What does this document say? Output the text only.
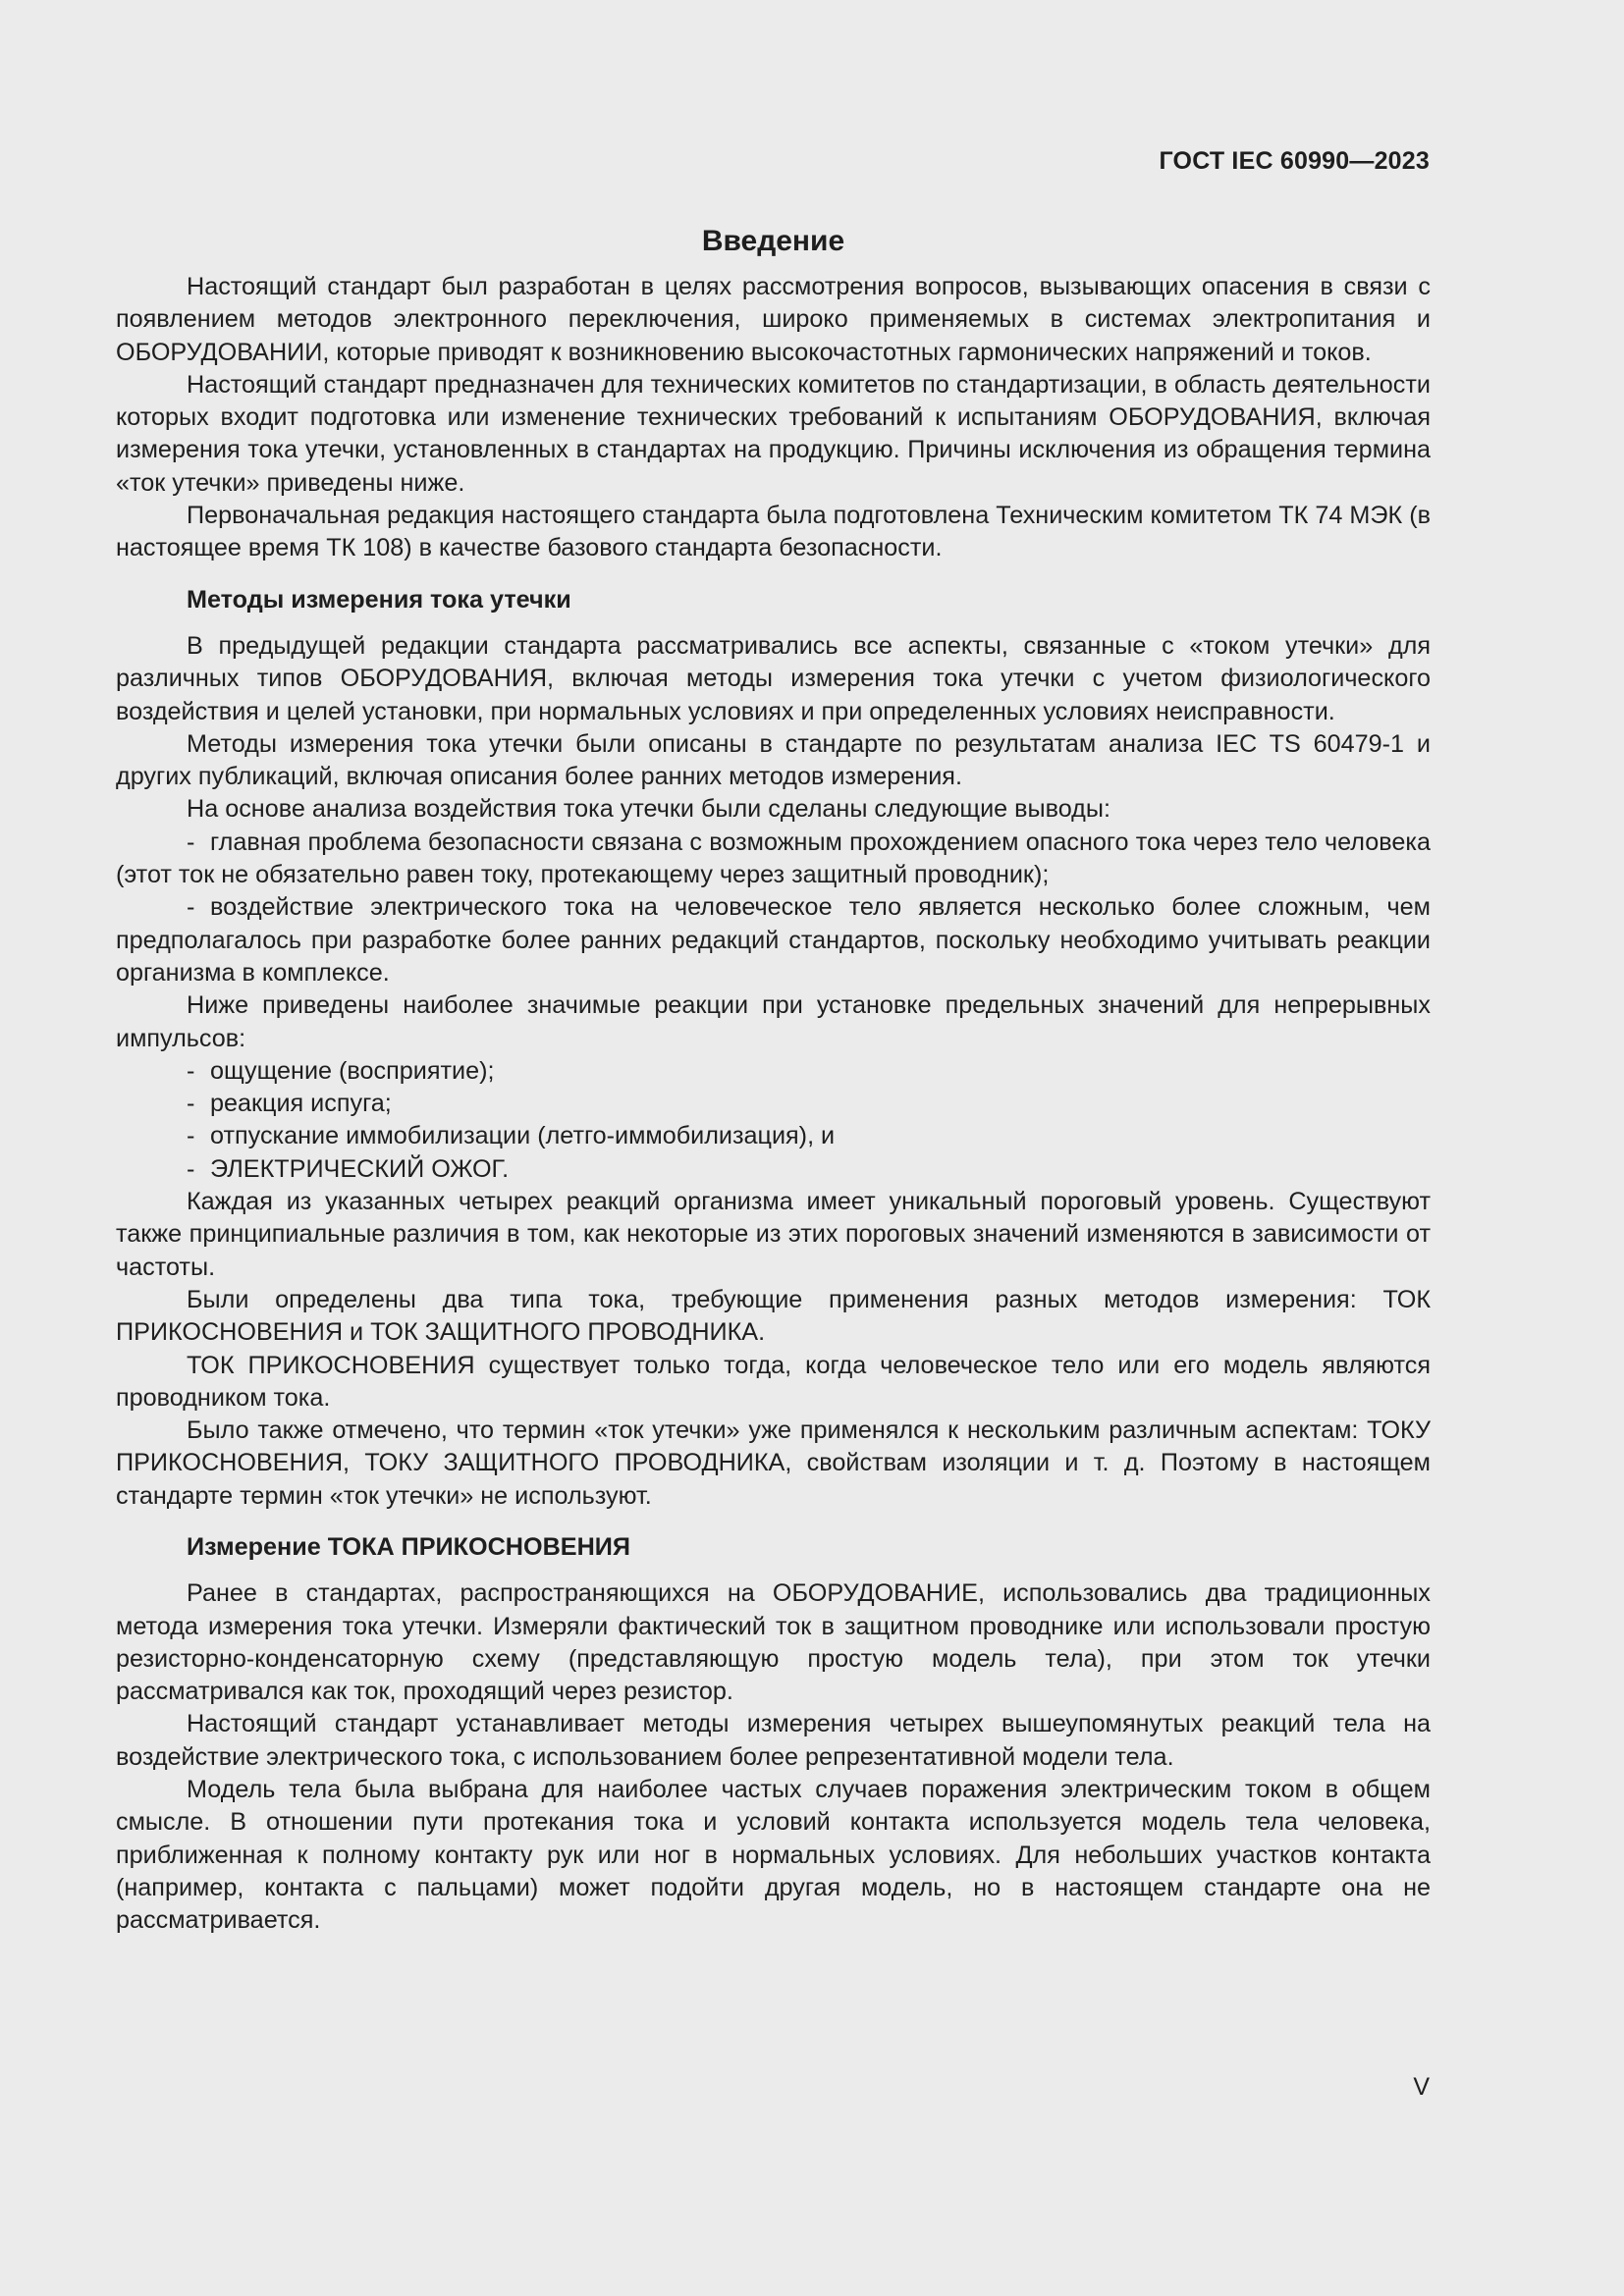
ГОСТ IEC 60990—2023
Введение

Настоящий стандарт был разработан в целях рассмотрения вопросов, вызывающих опасения в связи с появлением методов электронного переключения, широко применяемых в системах электропитания и ОБОРУДОВАНИИ, которые приводят к возникновению высокочастотных гармонических напряжений и токов.

Настоящий стандарт предназначен для технических комитетов по стандартизации, в область деятельности которых входит подготовка или изменение технических требований к испытаниям ОБОРУДОВАНИЯ, включая измерения тока утечки, установленных в стандартах на продукцию. Причины исключения из обращения термина «ток утечки» приведены ниже.

Первоначальная редакция настоящего стандарта была подготовлена Техническим комитетом ТК 74 МЭК (в настоящее время ТК 108) в качестве базового стандарта безопасности.

Методы измерения тока утечки

В предыдущей редакции стандарта рассматривались все аспекты, связанные с «током утечки» для различных типов ОБОРУДОВАНИЯ, включая методы измерения тока утечки с учетом физиологического воздействия и целей установки, при нормальных условиях и при определенных условиях неисправности.

Методы измерения тока утечки были описаны в стандарте по результатам анализа IEC TS 60479-1 и других публикаций, включая описания более ранних методов измерения.

На основе анализа воздействия тока утечки были сделаны следующие выводы:

- главная проблема безопасности связана с возможным прохождением опасного тока через тело человека (этот ток не обязательно равен току, протекающему через защитный проводник);
- воздействие электрического тока на человеческое тело является несколько более сложным, чем предполагалось при разработке более ранних редакций стандартов, поскольку необходимо учитывать реакции организма в комплексе.

Ниже приведены наиболее значимые реакции при установке предельных значений для непрерывных импульсов:

- ощущение (восприятие);
- реакция испуга;
- отпускание иммобилизации (летго-иммобилизация), и
- ЭЛЕКТРИЧЕСКИЙ ОЖОГ.

Каждая из указанных четырех реакций организма имеет уникальный пороговый уровень. Существуют также принципиальные различия в том, как некоторые из этих пороговых значений изменяются в зависимости от частоты.

Были определены два типа тока, требующие применения разных методов измерения: ТОК ПРИКОСНОВЕНИЯ и ТОК ЗАЩИТНОГО ПРОВОДНИКА.

ТОК ПРИКОСНОВЕНИЯ существует только тогда, когда человеческое тело или его модель являются проводником тока.

Было также отмечено, что термин «ток утечки» уже применялся к нескольким различным аспектам: ТОКУ ПРИКОСНОВЕНИЯ, ТОКУ ЗАЩИТНОГО ПРОВОДНИКА, свойствам изоляции и т. д. Поэтому в настоящем стандарте термин «ток утечки» не используют.

Измерение ТОКА ПРИКОСНОВЕНИЯ

Ранее в стандартах, распространяющихся на ОБОРУДОВАНИЕ, использовались два традиционных метода измерения тока утечки. Измеряли фактический ток в защитном проводнике или использовали простую резисторно-конденсаторную схему (представляющую простую модель тела), при этом ток утечки рассматривался как ток, проходящий через резистор.

Настоящий стандарт устанавливает методы измерения четырех вышеупомянутых реакций тела на воздействие электрического тока, с использованием более репрезентативной модели тела.

Модель тела была выбрана для наиболее частых случаев поражения электрическим током в общем смысле. В отношении пути протекания тока и условий контакта используется модель тела человека, приближенная к полному контакту рук или ног в нормальных условиях. Для небольших участков контакта (например, контакта с пальцами) может подойти другая модель, но в настоящем стандарте она не рассматривается.

V
